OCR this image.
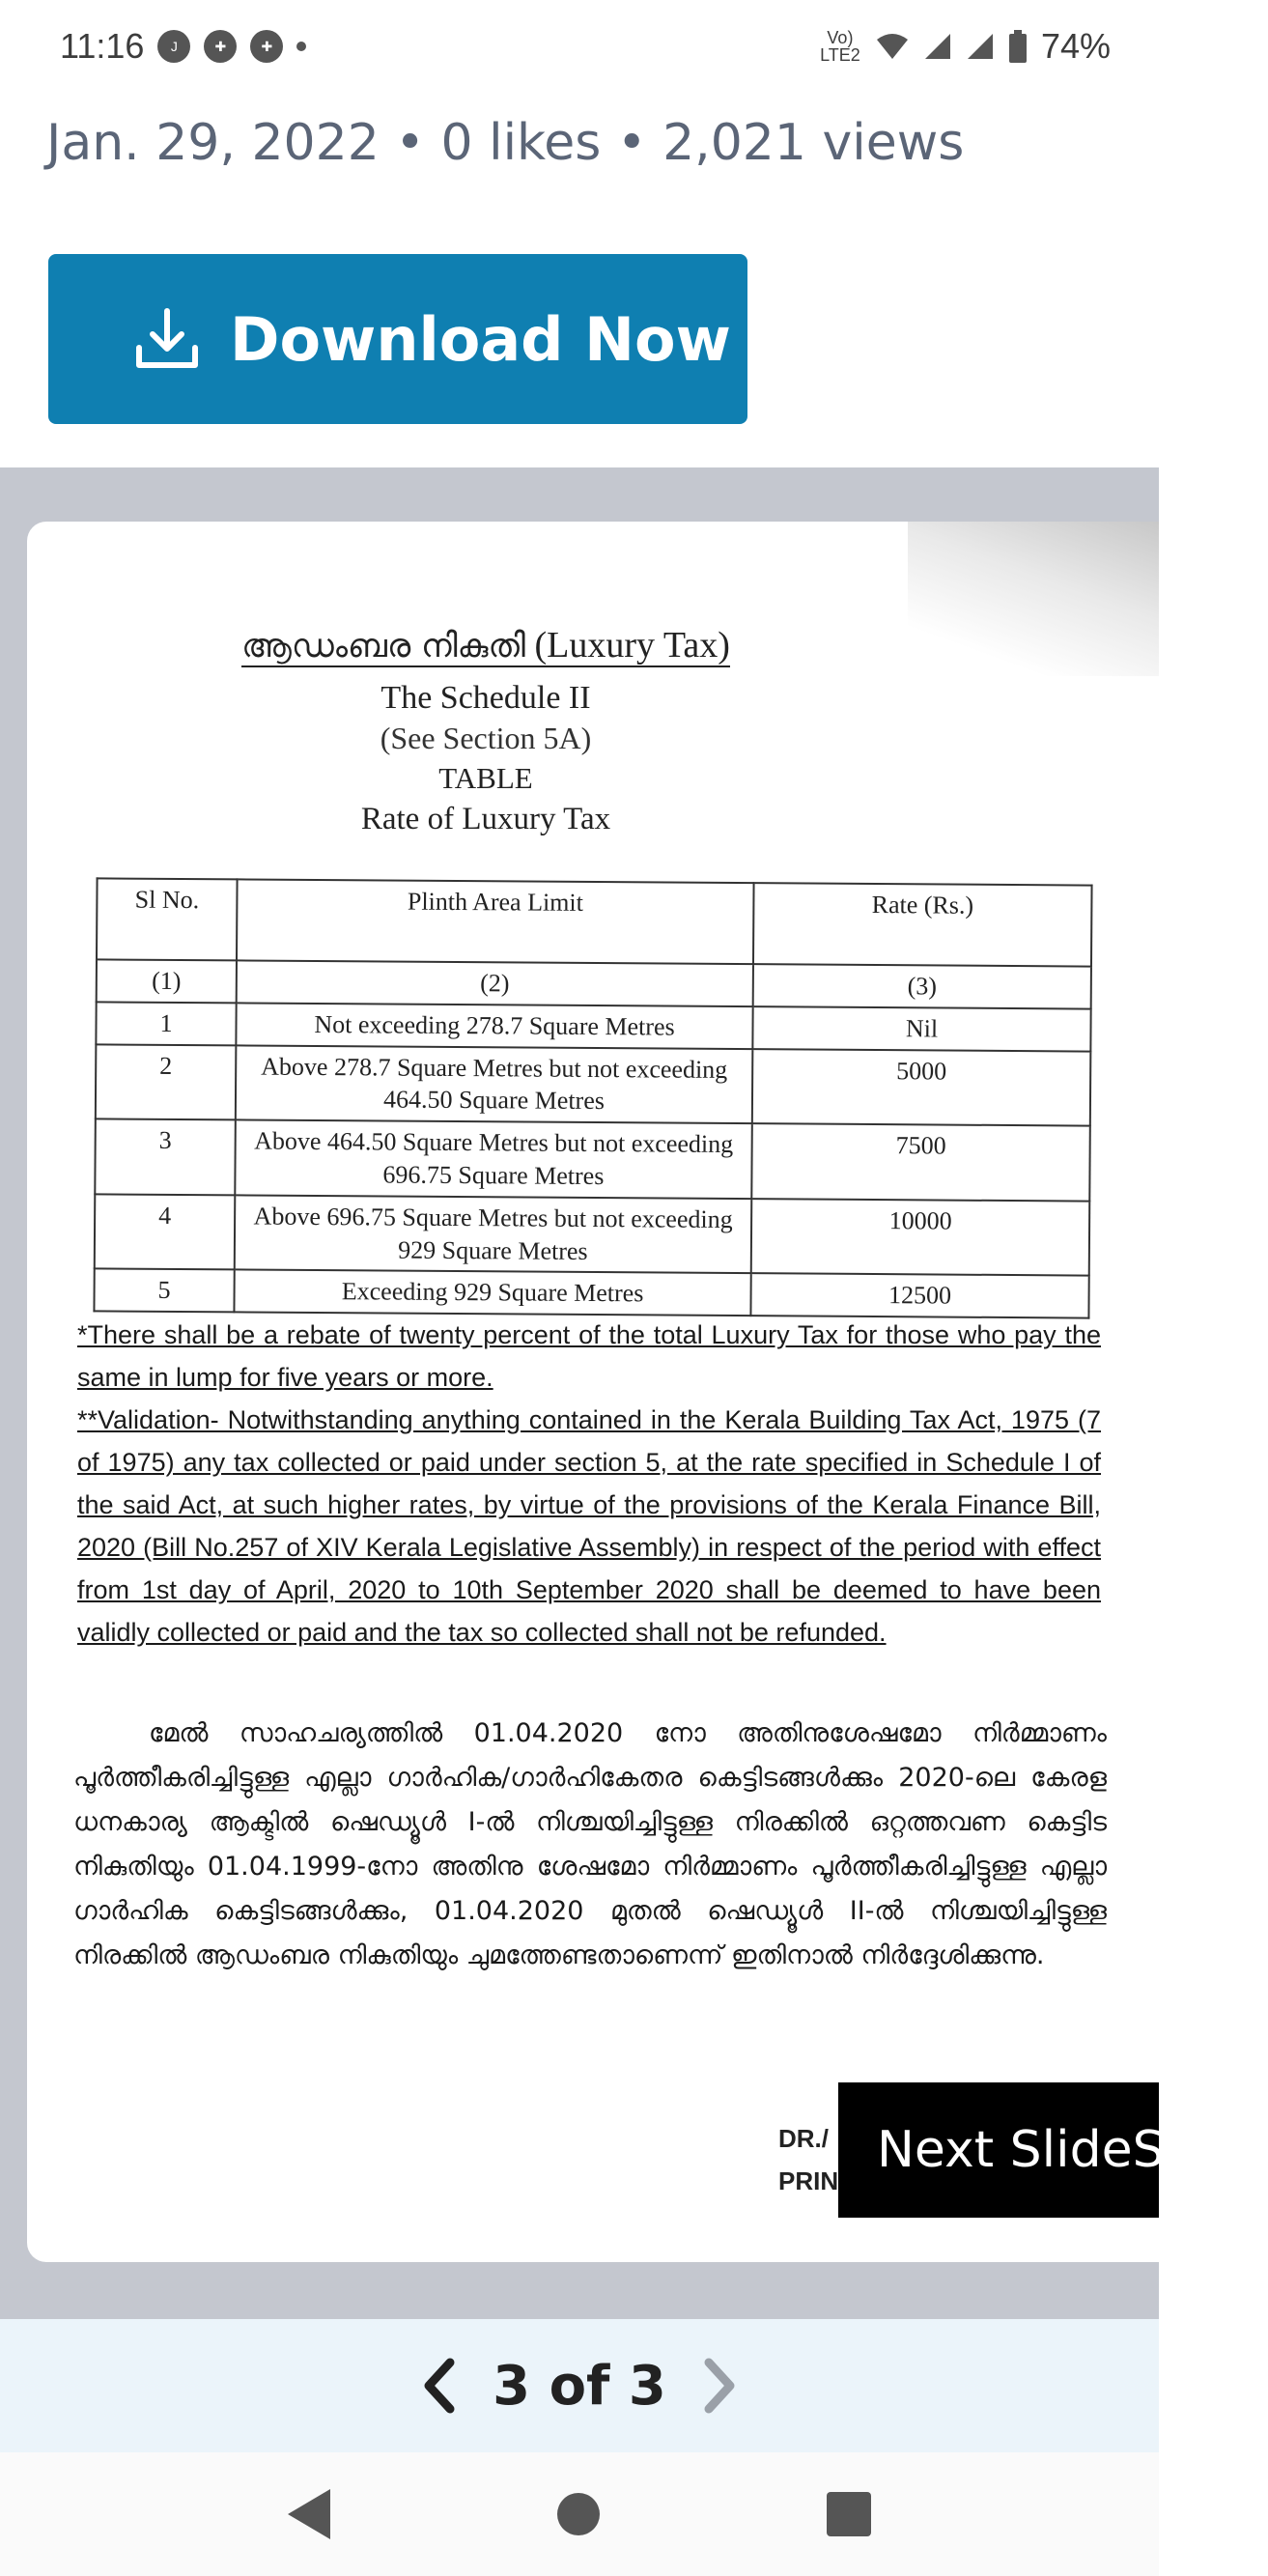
11:16	J	✚	✚	Vo) LTE2	74%
Jan. 29, 2022 • 0 likes • 2,021 views
Download Now
ആഡംബര നികുതി (Luxury Tax)
The Schedule II
(See Section 5A)
TABLE
Rate of Luxury Tax
Sl No.	Plinth Area Limit	Rate (Rs.)
(1)	(2)	(3)
1	Not exceeding 278.7 Square Metres	Nil
2	Above 278.7 Square Metres but not exceeding 464.50 Square Metres	5000
3	Above 464.50 Square Metres but not exceeding 696.75 Square Metres	7500
4	Above 696.75 Square Metres but not exceeding 929 Square Metres	10000
5	Exceeding 929 Square Metres	12500

*There shall be a rebate of twenty percent of the total Luxury Tax for those who pay the same in lump for five years or more.

**Validation- Notwithstanding anything contained in the Kerala Building Tax Act, 1975 (7 of 1975) any tax collected or paid under section 5, at the rate specified in Schedule I of the said Act, at such higher rates, by virtue of the provisions of the Kerala Finance Bill, 2020 (Bill No.257 of XIV Kerala Legislative Assembly) in respect of the period with effect from 1st day of April, 2020 to 10th September 2020 shall be deemed to have been validly collected or paid and the tax so collected shall not be refunded.

മേൽ സാഹചര്യത്തിൽ 01.04.2020 നോ അതിനുശേഷമോ നിർമ്മാണം പൂർത്തീകരിച്ചിട്ടുള്ള എല്ലാ ഗാർഹിക/ഗാർഹികേതര കെട്ടിടങ്ങൾക്കും 2020-ലെ കേരള ധനകാര്യ ആക്ടിൽ ഷെഡ്യൂൾ I-ൽ നിശ്ചയിച്ചിട്ടുള്ള നിരക്കിൽ ഒറ്റത്തവണ കെട്ടിട നികുതിയും 01.04.1999-നോ അതിനു ശേഷമോ നിർമ്മാണം പൂർത്തീകരിച്ചിട്ടുള്ള എല്ലാ ഗാർഹിക കെട്ടിടങ്ങൾക്കും, 01.04.2020 മുതൽ ഷെഡ്യൂൾ II-ൽ നിശ്ചയിച്ചിട്ടുള്ള നിരക്കിൽ ആഡംബര നികുതിയും ചുമത്തേണ്ടതാണെന്ന് ഇതിനാൽ നിർദ്ദേശിക്കുന്നു.
DR./
PRIN
Next SlideShow
3 of 3
